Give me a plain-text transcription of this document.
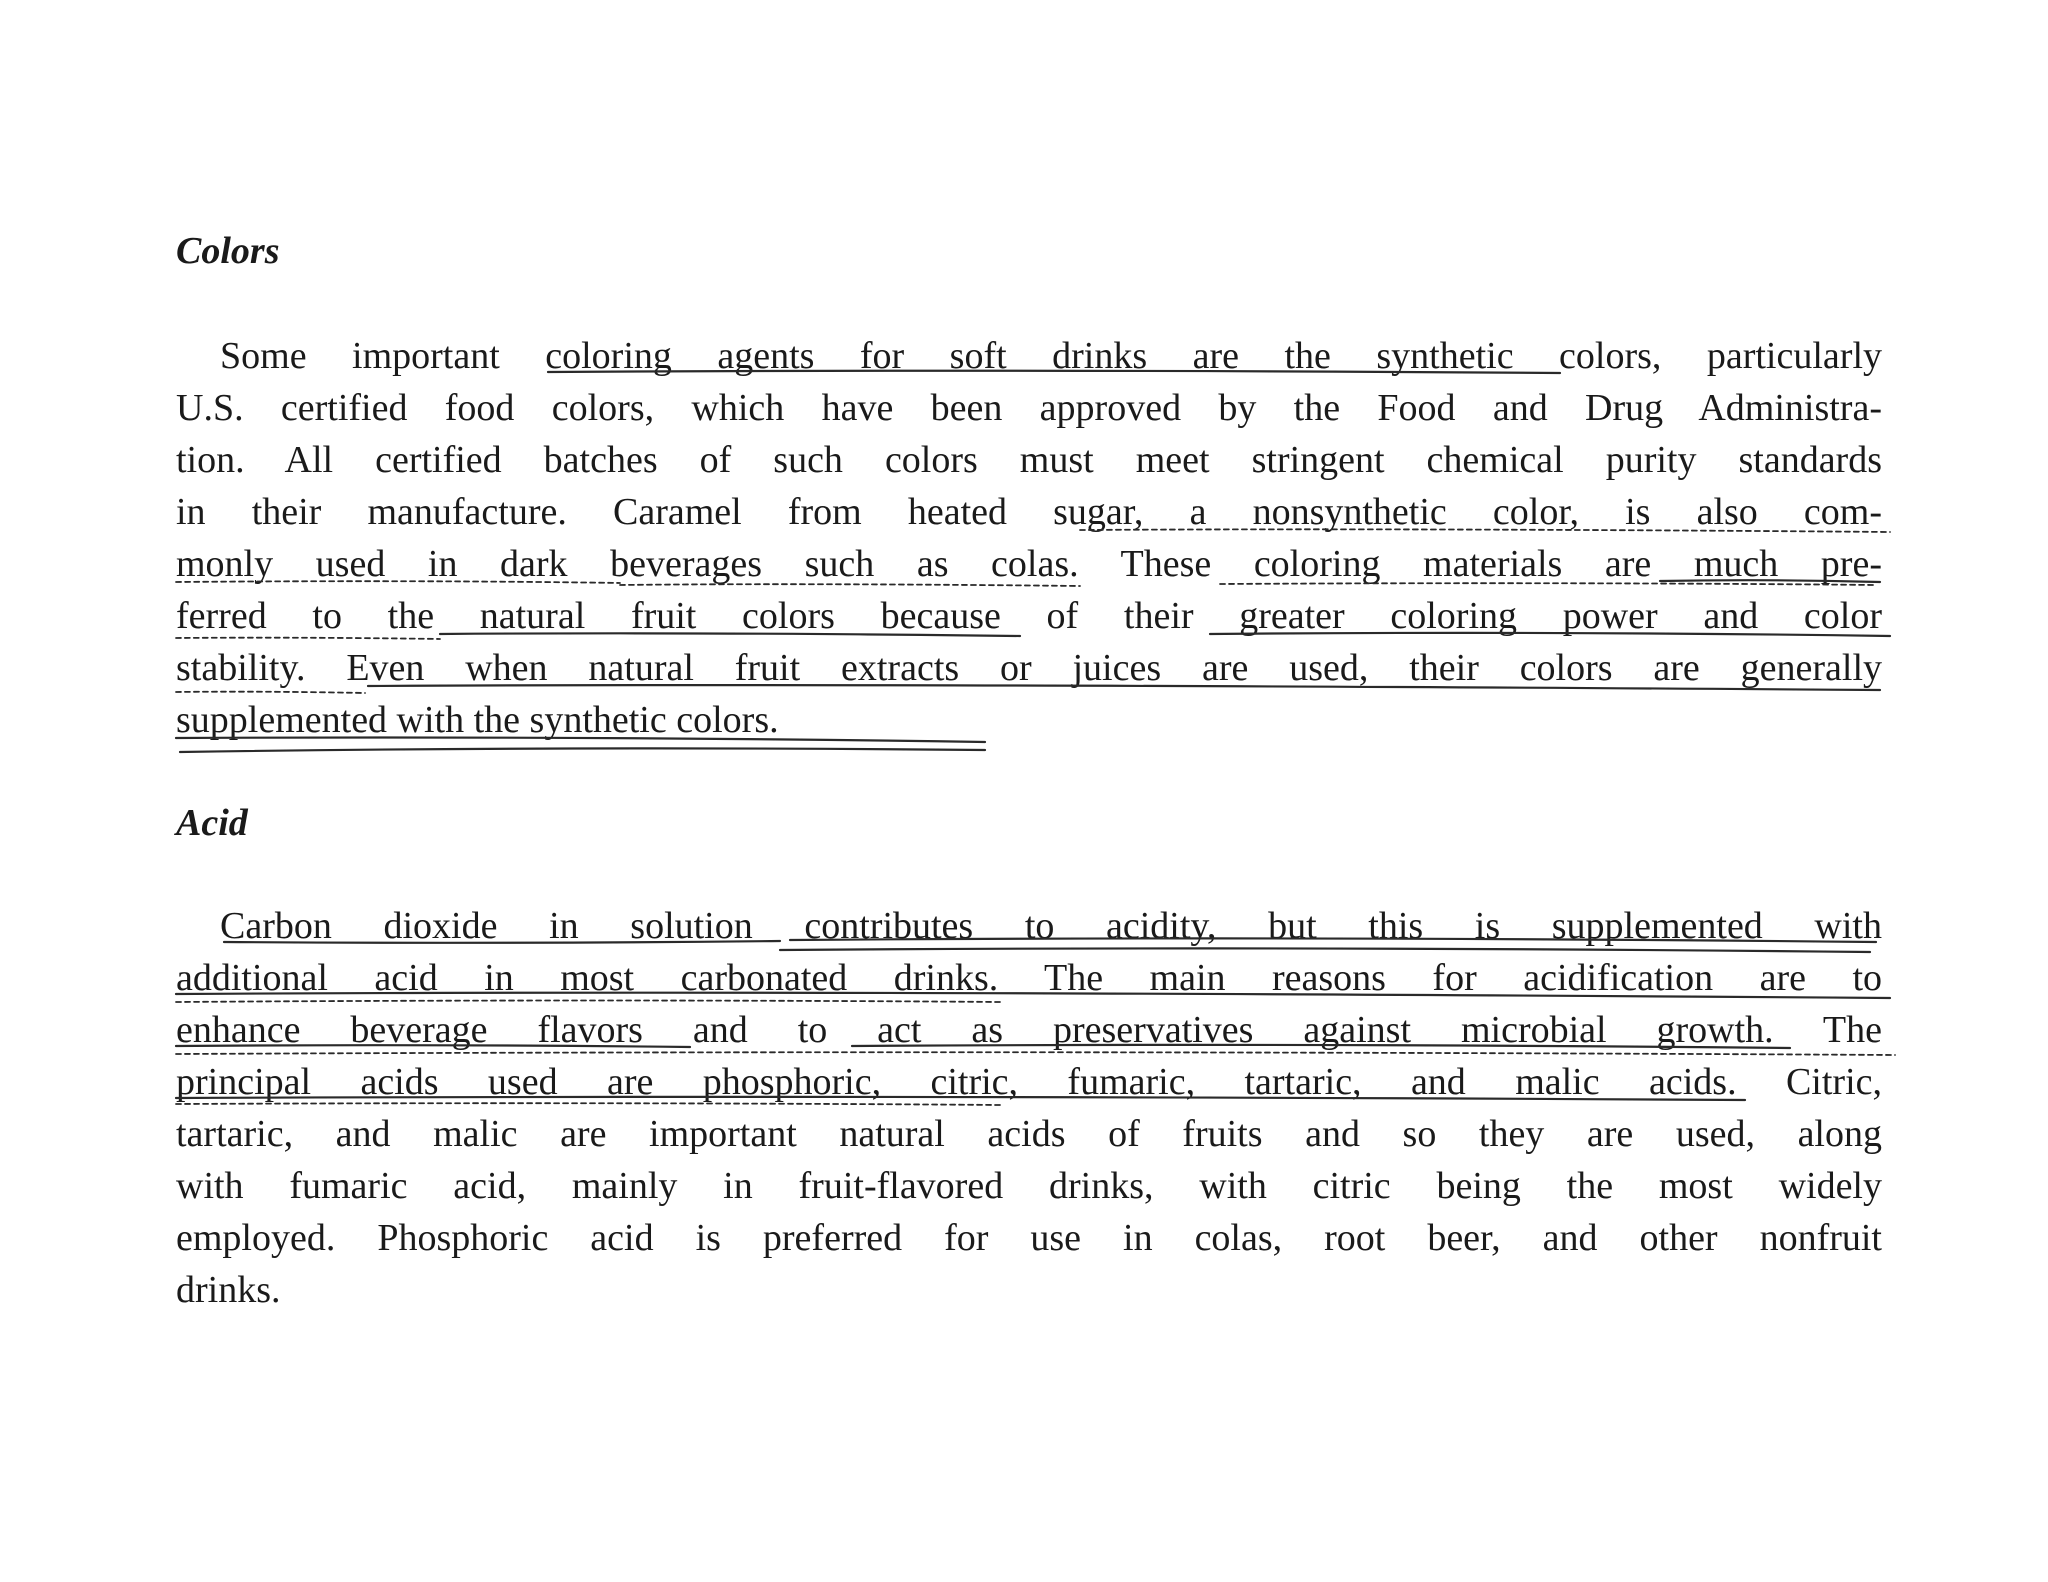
Colors
Some important coloring agents for soft drinks are the synthetic colors, particularly
U.S. certified food colors, which have been approved by the Food and Drug Administra-
tion. All certified batches of such colors must meet stringent chemical purity standards
in their manufacture. Caramel from heated sugar, a nonsynthetic color, is also com-
monly used in dark beverages such as colas. These coloring materials are much pre-
ferred to the natural fruit colors because of their greater coloring power and color
stability. Even when natural fruit extracts or juices are used, their colors are generally
supplemented with the synthetic colors.
Acid
Carbon dioxide in solution contributes to acidity, but this is supplemented with
additional acid in most carbonated drinks. The main reasons for acidification are to
enhance beverage flavors and to act as preservatives against microbial growth. The
principal acids used are phosphoric, citric, fumaric, tartaric, and malic acids. Citric,
tartaric, and malic are important natural acids of fruits and so they are used, along
with fumaric acid, mainly in fruit-flavored drinks, with citric being the most widely
employed. Phosphoric acid is preferred for use in colas, root beer, and other nonfruit
drinks.
